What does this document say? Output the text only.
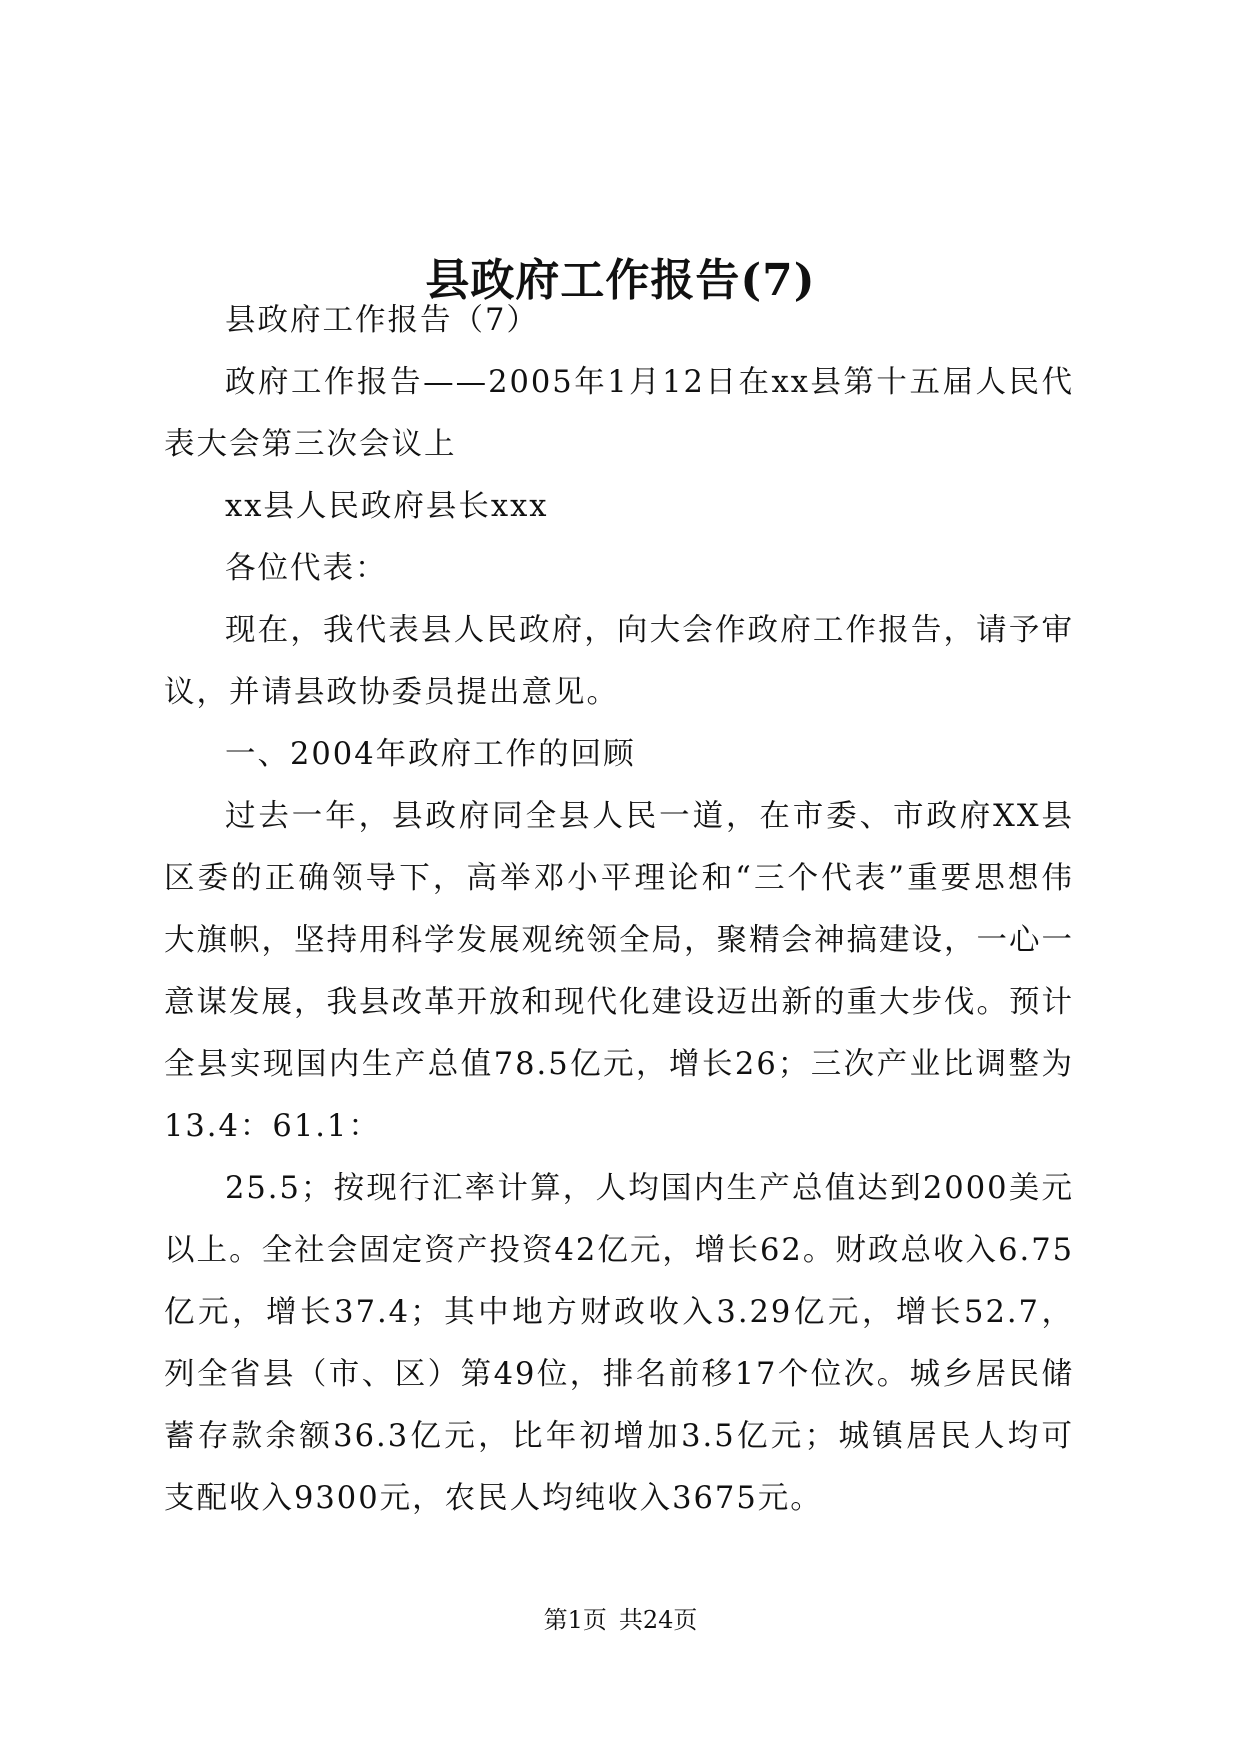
县政府工作报告(7)

县政府工作报告（7）

政府工作报告——2005年1月12日在xx县第十五届人民代表大会第三次会议上

xx县人民政府县长xxx

各位代表：

现在，我代表县人民政府，向大会作政府工作报告，请予审议，并请县政协委员提出意见。

一、2004年政府工作的回顾

过去一年，县政府同全县人民一道，在市委、市政府XX县区委的正确领导下，高举邓小平理论和“三个代表”重要思想伟大旗帜，坚持用科学发展观统领全局，聚精会神搞建设，一心一意谋发展，我县改革开放和现代化建设迈出新的重大步伐。预计全县实现国内生产总值78.5亿元，增长26；三次产业比调整为13.4：61.1：

25.5；按现行汇率计算，人均国内生产总值达到2000美元以上。全社会固定资产投资42亿元，增长62。财政总收入6.75亿元，增长37.4；其中地方财政收入3.29亿元，增长52.7，列全省县（市、区）第49位，排名前移17个位次。城乡居民储蓄存款余额36.3亿元，比年初增加3.5亿元；城镇居民人均可支配收入9300元，农民人均纯收入3675元。

第1页 共24页
